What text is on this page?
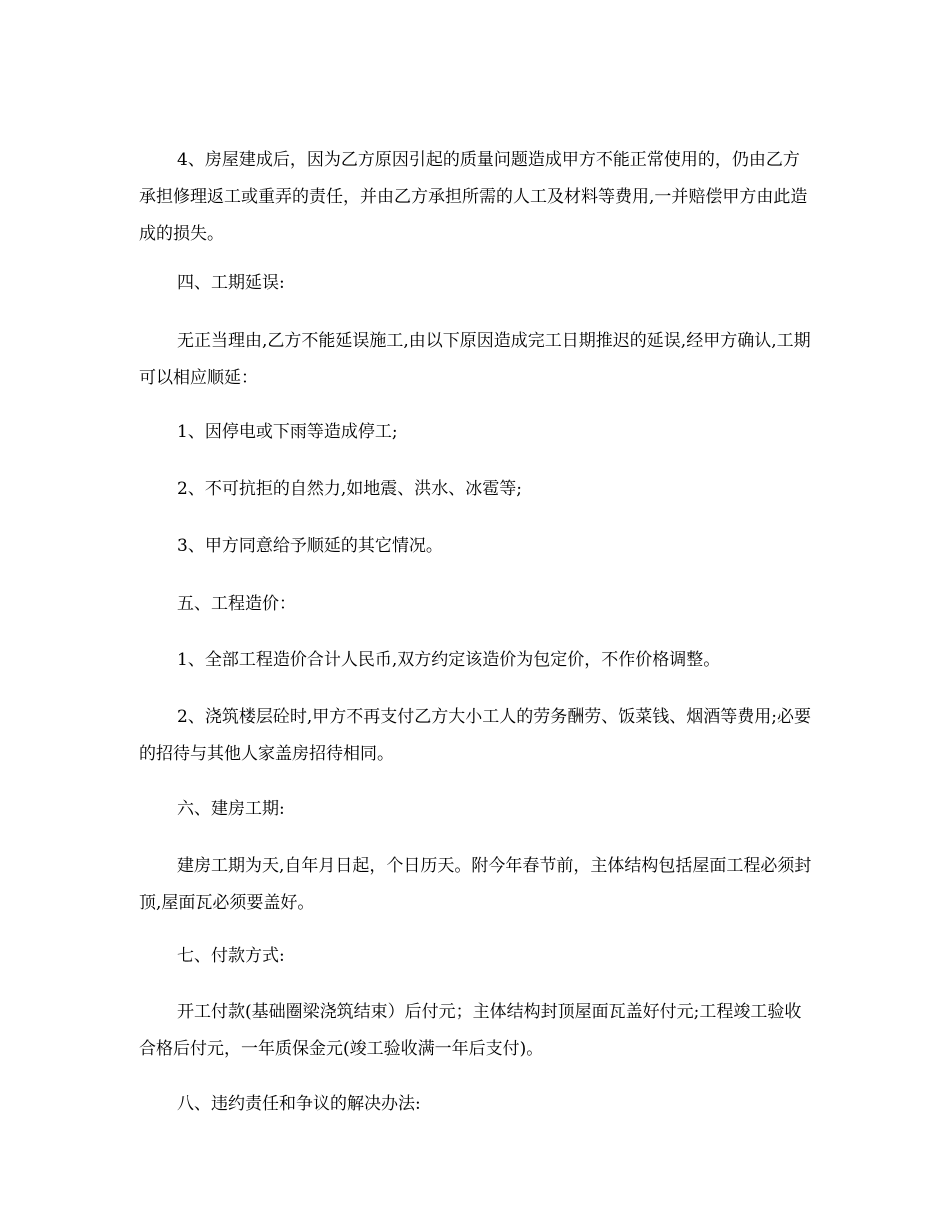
4、房屋建成后，因为乙方原因引起的质量问题造成甲方不能正常使用的，仍由乙方承担修理返工或重弄的责任，并由乙方承担所需的人工及材料等费用,一并赔偿甲方由此造成的损失。

四、工期延误:

无正当理由,乙方不能延误施工,由以下原因造成完工日期推迟的延误,经甲方确认,工期可以相应顺延：

1、因停电或下雨等造成停工;

2、不可抗拒的自然力,如地震、洪水、冰雹等;

3、甲方同意给予顺延的其它情况。

五、工程造价：

1、全部工程造价合计人民币,双方约定该造价为包定价，不作价格调整。

2、浇筑楼层砼时,甲方不再支付乙方大小工人的劳务酬劳、饭菜钱、烟酒等费用;必要的招待与其他人家盖房招待相同。

六、建房工期:

建房工期为天,自年月日起，个日历天。附今年春节前，主体结构包括屋面工程必须封顶,屋面瓦必须要盖好。

七、付款方式:

开工付款(基础圈梁浇筑结束）后付元；主体结构封顶屋面瓦盖好付元;工程竣工验收合格后付元，一年质保金元(竣工验收满一年后支付)。

八、违约责任和争议的解决办法:
